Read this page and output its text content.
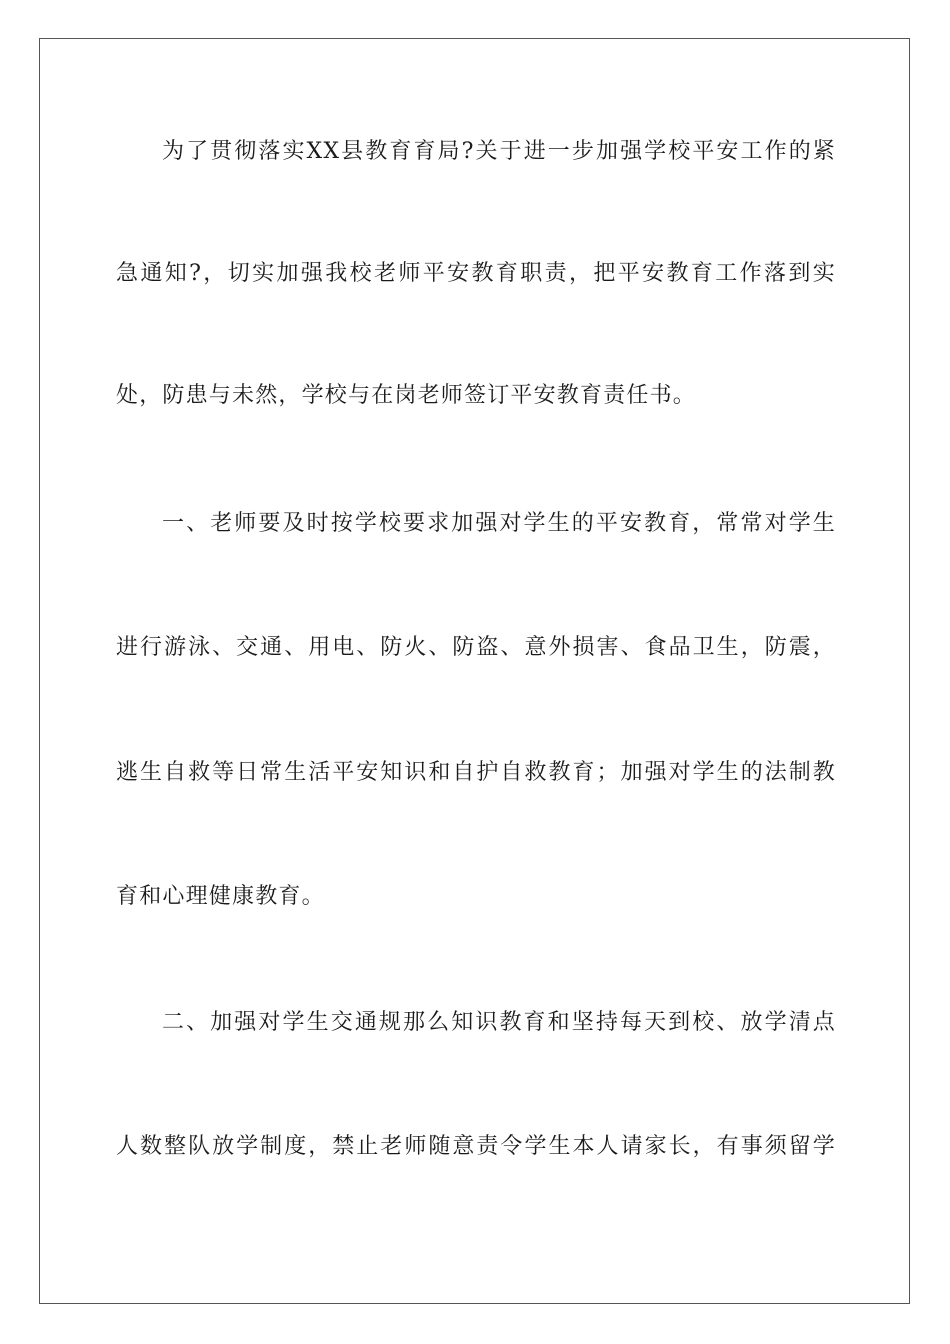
为了贯彻落实XX县教育育局?关于进一步加强学校平安工作的紧
急通知?，切实加强我校老师平安教育职责，把平安教育工作落到实
处，防患与未然，学校与在岗老师签订平安教育责任书。
一、老师要及时按学校要求加强对学生的平安教育，常常对学生
进行游泳、交通、用电、防火、防盗、意外损害、食品卫生，防震，
逃生自救等日常生活平安知识和自护自救教育；加强对学生的法制教
育和心理健康教育。
二、加强对学生交通规那么知识教育和坚持每天到校、放学清点
人数整队放学制度，禁止老师随意责令学生本人请家长，有事须留学
